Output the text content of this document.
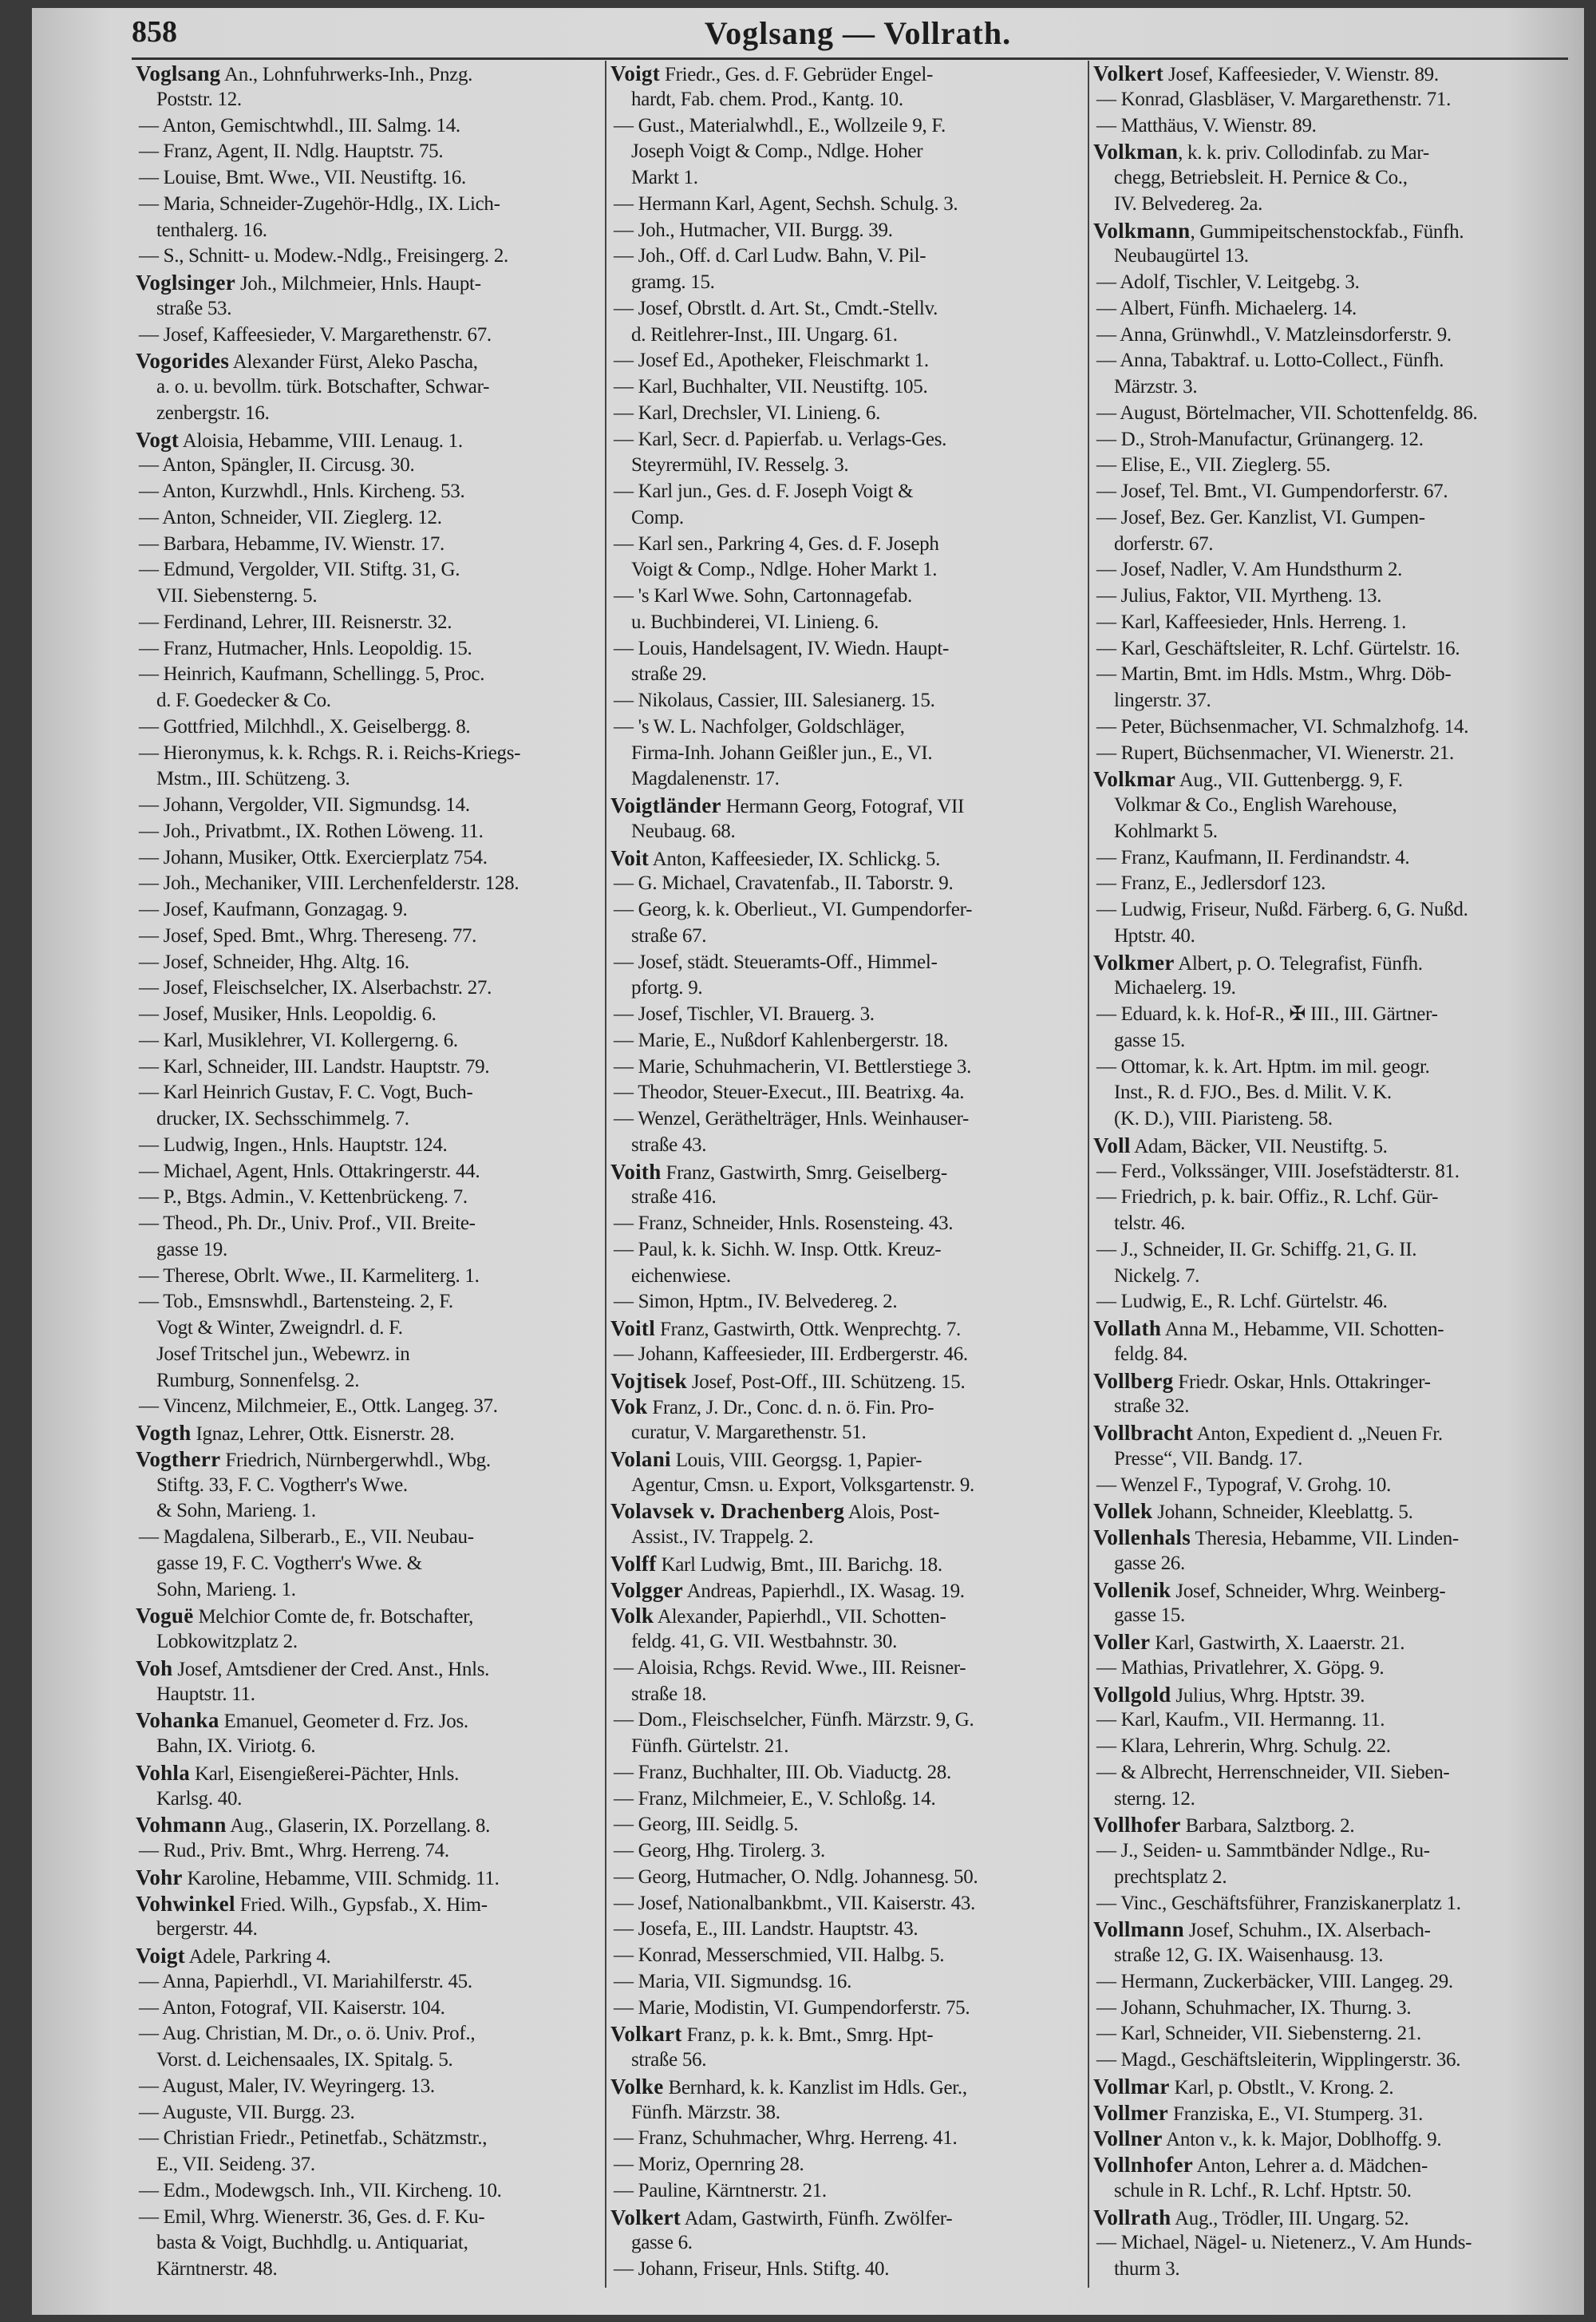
858	Voglsang — Vollrath.
Voglsang An., Lohnfuhrwerks-Inh., Pnzg.
Poststr. 12.
— Anton, Gemischtwhdl., III. Salmg. 14.
— Franz, Agent, II. Ndlg. Hauptstr. 75.
— Louise, Bmt. Wwe., VII. Neustiftg. 16.
— Maria, Schneider-Zugehör-Hdlg., IX. Lich-
tenthalerg. 16.
— S., Schnitt- u. Modew.-Ndlg., Freisingerg. 2.
Voglsinger Joh., Milchmeier, Hnls. Haupt-
straße 53.
— Josef, Kaffeesieder, V. Margarethenstr. 67.
Vogorides Alexander Fürst, Aleko Pascha,
a. o. u. bevollm. türk. Botschafter, Schwar-
zenbergstr. 16.
Vogt Aloisia, Hebamme, VIII. Lenaug. 1.
— Anton, Spängler, II. Circusg. 30.
— Anton, Kurzwhdl., Hnls. Kircheng. 53.
— Anton, Schneider, VII. Zieglerg. 12.
— Barbara, Hebamme, IV. Wienstr. 17.
— Edmund, Vergolder, VII. Stiftg. 31, G.
VII. Siebensterng. 5.
— Ferdinand, Lehrer, III. Reisnerstr. 32.
— Franz, Hutmacher, Hnls. Leopoldig. 15.
— Heinrich, Kaufmann, Schellingg. 5, Proc.
d. F. Goedecker & Co.
— Gottfried, Milchhdl., X. Geiselbergg. 8.
— Hieronymus, k. k. Rchgs. R. i. Reichs-Kriegs-
Mstm., III. Schützeng. 3.
— Johann, Vergolder, VII. Sigmundsg. 14.
— Joh., Privatbmt., IX. Rothen Löweng. 11.
— Johann, Musiker, Ottk. Exercierplatz 754.
— Joh., Mechaniker, VIII. Lerchenfelderstr. 128.
— Josef, Kaufmann, Gonzagag. 9.
— Josef, Sped. Bmt., Whrg. Thereseng. 77.
— Josef, Schneider, Hhg. Altg. 16.
— Josef, Fleischselcher, IX. Alserbachstr. 27.
— Josef, Musiker, Hnls. Leopoldig. 6.
— Karl, Musiklehrer, VI. Kollergerng. 6.
— Karl, Schneider, III. Landstr. Hauptstr. 79.
— Karl Heinrich Gustav, F. C. Vogt, Buch-
drucker, IX. Sechsschimmelg. 7.
— Ludwig, Ingen., Hnls. Hauptstr. 124.
— Michael, Agent, Hnls. Ottakringerstr. 44.
— P., Btgs. Admin., V. Kettenbrückeng. 7.
— Theod., Ph. Dr., Univ. Prof., VII. Breite-
gasse 19.
— Therese, Obrlt. Wwe., II. Karmeliterg. 1.
— Tob., Emsnswhdl., Bartensteing. 2, F.
Vogt & Winter, Zweigndrl. d. F.
Josef Tritschel jun., Webewrz. in
Rumburg, Sonnenfelsg. 2.
— Vincenz, Milchmeier, E., Ottk. Langeg. 37.
Vogth Ignaz, Lehrer, Ottk. Eisnerstr. 28.
Vogtherr Friedrich, Nürnbergerwhdl., Wbg.
Stiftg. 33, F. C. Vogtherr's Wwe.
& Sohn, Marieng. 1.
— Magdalena, Silberarb., E., VII. Neubau-
gasse 19, F. C. Vogtherr's Wwe. &
Sohn, Marieng. 1.
Voguë Melchior Comte de, fr. Botschafter,
Lobkowitzplatz 2.
Voh Josef, Amtsdiener der Cred. Anst., Hnls.
Hauptstr. 11.
Vohanka Emanuel, Geometer d. Frz. Jos.
Bahn, IX. Viriotg. 6.
Vohla Karl, Eisengießerei-Pächter, Hnls.
Karlsg. 40.
Vohmann Aug., Glaserin, IX. Porzellang. 8.
— Rud., Priv. Bmt., Whrg. Herreng. 74.
Vohr Karoline, Hebamme, VIII. Schmidg. 11.
Vohwinkel Fried. Wilh., Gypsfab., X. Him-
bergerstr. 44.
Voigt Adele, Parkring 4.
— Anna, Papierhdl., VI. Mariahilferstr. 45.
— Anton, Fotograf, VII. Kaiserstr. 104.
— Aug. Christian, M. Dr., o. ö. Univ. Prof.,
Vorst. d. Leichensaales, IX. Spitalg. 5.
— August, Maler, IV. Weyringerg. 13.
— Auguste, VII. Burgg. 23.
— Christian Friedr., Petinetfab., Schätzmstr.,
E., VII. Seideng. 37.
— Edm., Modewgsch. Inh., VII. Kircheng. 10.
— Emil, Whrg. Wienerstr. 36, Ges. d. F. Ku-
basta & Voigt, Buchhdlg. u. Antiquariat,
Kärntnerstr. 48.
Voigt Friedr., Ges. d. F. Gebrüder Engel-
hardt, Fab. chem. Prod., Kantg. 10.
— Gust., Materialwhdl., E., Wollzeile 9, F.
Joseph Voigt & Comp., Ndlge. Hoher
Markt 1.
— Hermann Karl, Agent, Sechsh. Schulg. 3.
— Joh., Hutmacher, VII. Burgg. 39.
— Joh., Off. d. Carl Ludw. Bahn, V. Pil-
gramg. 15.
— Josef, Obrstlt. d. Art. St., Cmdt.-Stellv.
d. Reitlehrer-Inst., III. Ungarg. 61.
— Josef Ed., Apotheker, Fleischmarkt 1.
— Karl, Buchhalter, VII. Neustiftg. 105.
— Karl, Drechsler, VI. Linieng. 6.
— Karl, Secr. d. Papierfab. u. Verlags-Ges.
Steyrermühl, IV. Resselg. 3.
— Karl jun., Ges. d. F. Joseph Voigt &
Comp.
— Karl sen., Parkring 4, Ges. d. F. Joseph
Voigt & Comp., Ndlge. Hoher Markt 1.
— 's Karl Wwe. Sohn, Cartonnagefab.
u. Buchbinderei, VI. Linieng. 6.
— Louis, Handelsagent, IV. Wiedn. Haupt-
straße 29.
— Nikolaus, Cassier, III. Salesianerg. 15.
— 's W. L. Nachfolger, Goldschläger,
Firma-Inh. Johann Geißler jun., E., VI.
Magdalenenstr. 17.
Voigtländer Hermann Georg, Fotograf, VII
Neubaug. 68.
Voit Anton, Kaffeesieder, IX. Schlickg. 5.
— G. Michael, Cravatenfab., II. Taborstr. 9.
— Georg, k. k. Oberlieut., VI. Gumpendorfer-
straße 67.
— Josef, städt. Steueramts-Off., Himmel-
pfortg. 9.
— Josef, Tischler, VI. Brauerg. 3.
— Marie, E., Nußdorf Kahlenbergerstr. 18.
— Marie, Schuhmacherin, VI. Bettlerstiege 3.
— Theodor, Steuer-Execut., III. Beatrixg. 4a.
— Wenzel, Geräthelträger, Hnls. Weinhauser-
straße 43.
Voith Franz, Gastwirth, Smrg. Geiselberg-
straße 416.
— Franz, Schneider, Hnls. Rosensteing. 43.
— Paul, k. k. Sichh. W. Insp. Ottk. Kreuz-
eichenwiese.
— Simon, Hptm., IV. Belvedereg. 2.
Voitl Franz, Gastwirth, Ottk. Wenprechtg. 7.
— Johann, Kaffeesieder, III. Erdbergerstr. 46.
Vojtisek Josef, Post-Off., III. Schützeng. 15.
Vok Franz, J. Dr., Conc. d. n. ö. Fin. Pro-
curatur, V. Margarethenstr. 51.
Volani Louis, VIII. Georgsg. 1, Papier-
Agentur, Cmsn. u. Export, Volksgartenstr. 9.
Volavsek v. Drachenberg Alois, Post-
Assist., IV. Trappelg. 2.
Volff Karl Ludwig, Bmt., III. Barichg. 18.
Volgger Andreas, Papierhdl., IX. Wasag. 19.
Volk Alexander, Papierhdl., VII. Schotten-
feldg. 41, G. VII. Westbahnstr. 30.
— Aloisia, Rchgs. Revid. Wwe., III. Reisner-
straße 18.
— Dom., Fleischselcher, Fünfh. Märzstr. 9, G.
Fünfh. Gürtelstr. 21.
— Franz, Buchhalter, III. Ob. Viaductg. 28.
— Franz, Milchmeier, E., V. Schloßg. 14.
— Georg, III. Seidlg. 5.
— Georg, Hhg. Tirolerg. 3.
— Georg, Hutmacher, O. Ndlg. Johannesg. 50.
— Josef, Nationalbankbmt., VII. Kaiserstr. 43.
— Josefa, E., III. Landstr. Hauptstr. 43.
— Konrad, Messerschmied, VII. Halbg. 5.
— Maria, VII. Sigmundsg. 16.
— Marie, Modistin, VI. Gumpendorferstr. 75.
Volkart Franz, p. k. k. Bmt., Smrg. Hpt-
straße 56.
Volke Bernhard, k. k. Kanzlist im Hdls. Ger.,
Fünfh. Märzstr. 38.
— Franz, Schuhmacher, Whrg. Herreng. 41.
— Moriz, Opernring 28.
— Pauline, Kärntnerstr. 21.
Volkert Adam, Gastwirth, Fünfh. Zwölfer-
gasse 6.
— Johann, Friseur, Hnls. Stiftg. 40.
Volkert Josef, Kaffeesieder, V. Wienstr. 89.
— Konrad, Glasbläser, V. Margarethenstr. 71.
— Matthäus, V. Wienstr. 89.
Volkman, k. k. priv. Collodinfab. zu Mar-
chegg, Betriebsleit. H. Pernice & Co.,
IV. Belvedereg. 2a.
Volkmann, Gummipeitschenstockfab., Fünfh.
Neubaugürtel 13.
— Adolf, Tischler, V. Leitgebg. 3.
— Albert, Fünfh. Michaelerg. 14.
— Anna, Grünwhdl., V. Matzleinsdorferstr. 9.
— Anna, Tabaktraf. u. Lotto-Collect., Fünfh.
Märzstr. 3.
— August, Börtelmacher, VII. Schottenfeldg. 86.
— D., Stroh-Manufactur, Grünangerg. 12.
— Elise, E., VII. Zieglerg. 55.
— Josef, Tel. Bmt., VI. Gumpendorferstr. 67.
— Josef, Bez. Ger. Kanzlist, VI. Gumpen-
dorferstr. 67.
— Josef, Nadler, V. Am Hundsthurm 2.
— Julius, Faktor, VII. Myrtheng. 13.
— Karl, Kaffeesieder, Hnls. Herreng. 1.
— Karl, Geschäftsleiter, R. Lchf. Gürtelstr. 16.
— Martin, Bmt. im Hdls. Mstm., Whrg. Döb-
lingerstr. 37.
— Peter, Büchsenmacher, VI. Schmalzhofg. 14.
— Rupert, Büchsenmacher, VI. Wienerstr. 21.
Volkmar Aug., VII. Guttenbergg. 9, F.
Volkmar & Co., English Warehouse,
Kohlmarkt 5.
— Franz, Kaufmann, II. Ferdinandstr. 4.
— Franz, E., Jedlersdorf 123.
— Ludwig, Friseur, Nußd. Färberg. 6, G. Nußd.
Hptstr. 40.
Volkmer Albert, p. O. Telegrafist, Fünfh.
Michaelerg. 19.
— Eduard, k. k. Hof-R., ✠ III., III. Gärtner-
gasse 15.
— Ottomar, k. k. Art. Hptm. im mil. geogr.
Inst., R. d. FJO., Bes. d. Milit. V. K.
(K. D.), VIII. Piaristeng. 58.
Voll Adam, Bäcker, VII. Neustiftg. 5.
— Ferd., Volkssänger, VIII. Josefstädterstr. 81.
— Friedrich, p. k. bair. Offiz., R. Lchf. Gür-
telstr. 46.
— J., Schneider, II. Gr. Schiffg. 21, G. II.
Nickelg. 7.
— Ludwig, E., R. Lchf. Gürtelstr. 46.
Vollath Anna M., Hebamme, VII. Schotten-
feldg. 84.
Vollberg Friedr. Oskar, Hnls. Ottakringer-
straße 32.
Vollbracht Anton, Expedient d. „Neuen Fr.
Presse“, VII. Bandg. 17.
— Wenzel F., Typograf, V. Grohg. 10.
Vollek Johann, Schneider, Kleeblattg. 5.
Vollenhals Theresia, Hebamme, VII. Linden-
gasse 26.
Vollenik Josef, Schneider, Whrg. Weinberg-
gasse 15.
Voller Karl, Gastwirth, X. Laaerstr. 21.
— Mathias, Privatlehrer, X. Göpg. 9.
Vollgold Julius, Whrg. Hptstr. 39.
— Karl, Kaufm., VII. Hermanng. 11.
— Klara, Lehrerin, Whrg. Schulg. 22.
— & Albrecht, Herrenschneider, VII. Sieben-
sterng. 12.
Vollhofer Barbara, Salztborg. 2.
— J., Seiden- u. Sammtbänder Ndlge., Ru-
prechtsplatz 2.
— Vinc., Geschäftsführer, Franziskanerplatz 1.
Vollmann Josef, Schuhm., IX. Alserbach-
straße 12, G. IX. Waisenhausg. 13.
— Hermann, Zuckerbäcker, VIII. Langeg. 29.
— Johann, Schuhmacher, IX. Thurng. 3.
— Karl, Schneider, VII. Siebensterng. 21.
— Magd., Geschäftsleiterin, Wipplingerstr. 36.
Vollmar Karl, p. Obstlt., V. Krong. 2.
Vollmer Franziska, E., VI. Stumperg. 31.
Vollner Anton v., k. k. Major, Doblhoffg. 9.
Vollnhofer Anton, Lehrer a. d. Mädchen-
schule in R. Lchf., R. Lchf. Hptstr. 50.
Vollrath Aug., Trödler, III. Ungarg. 52.
— Michael, Nägel- u. Nietenerz., V. Am Hunds-
thurm 3.
